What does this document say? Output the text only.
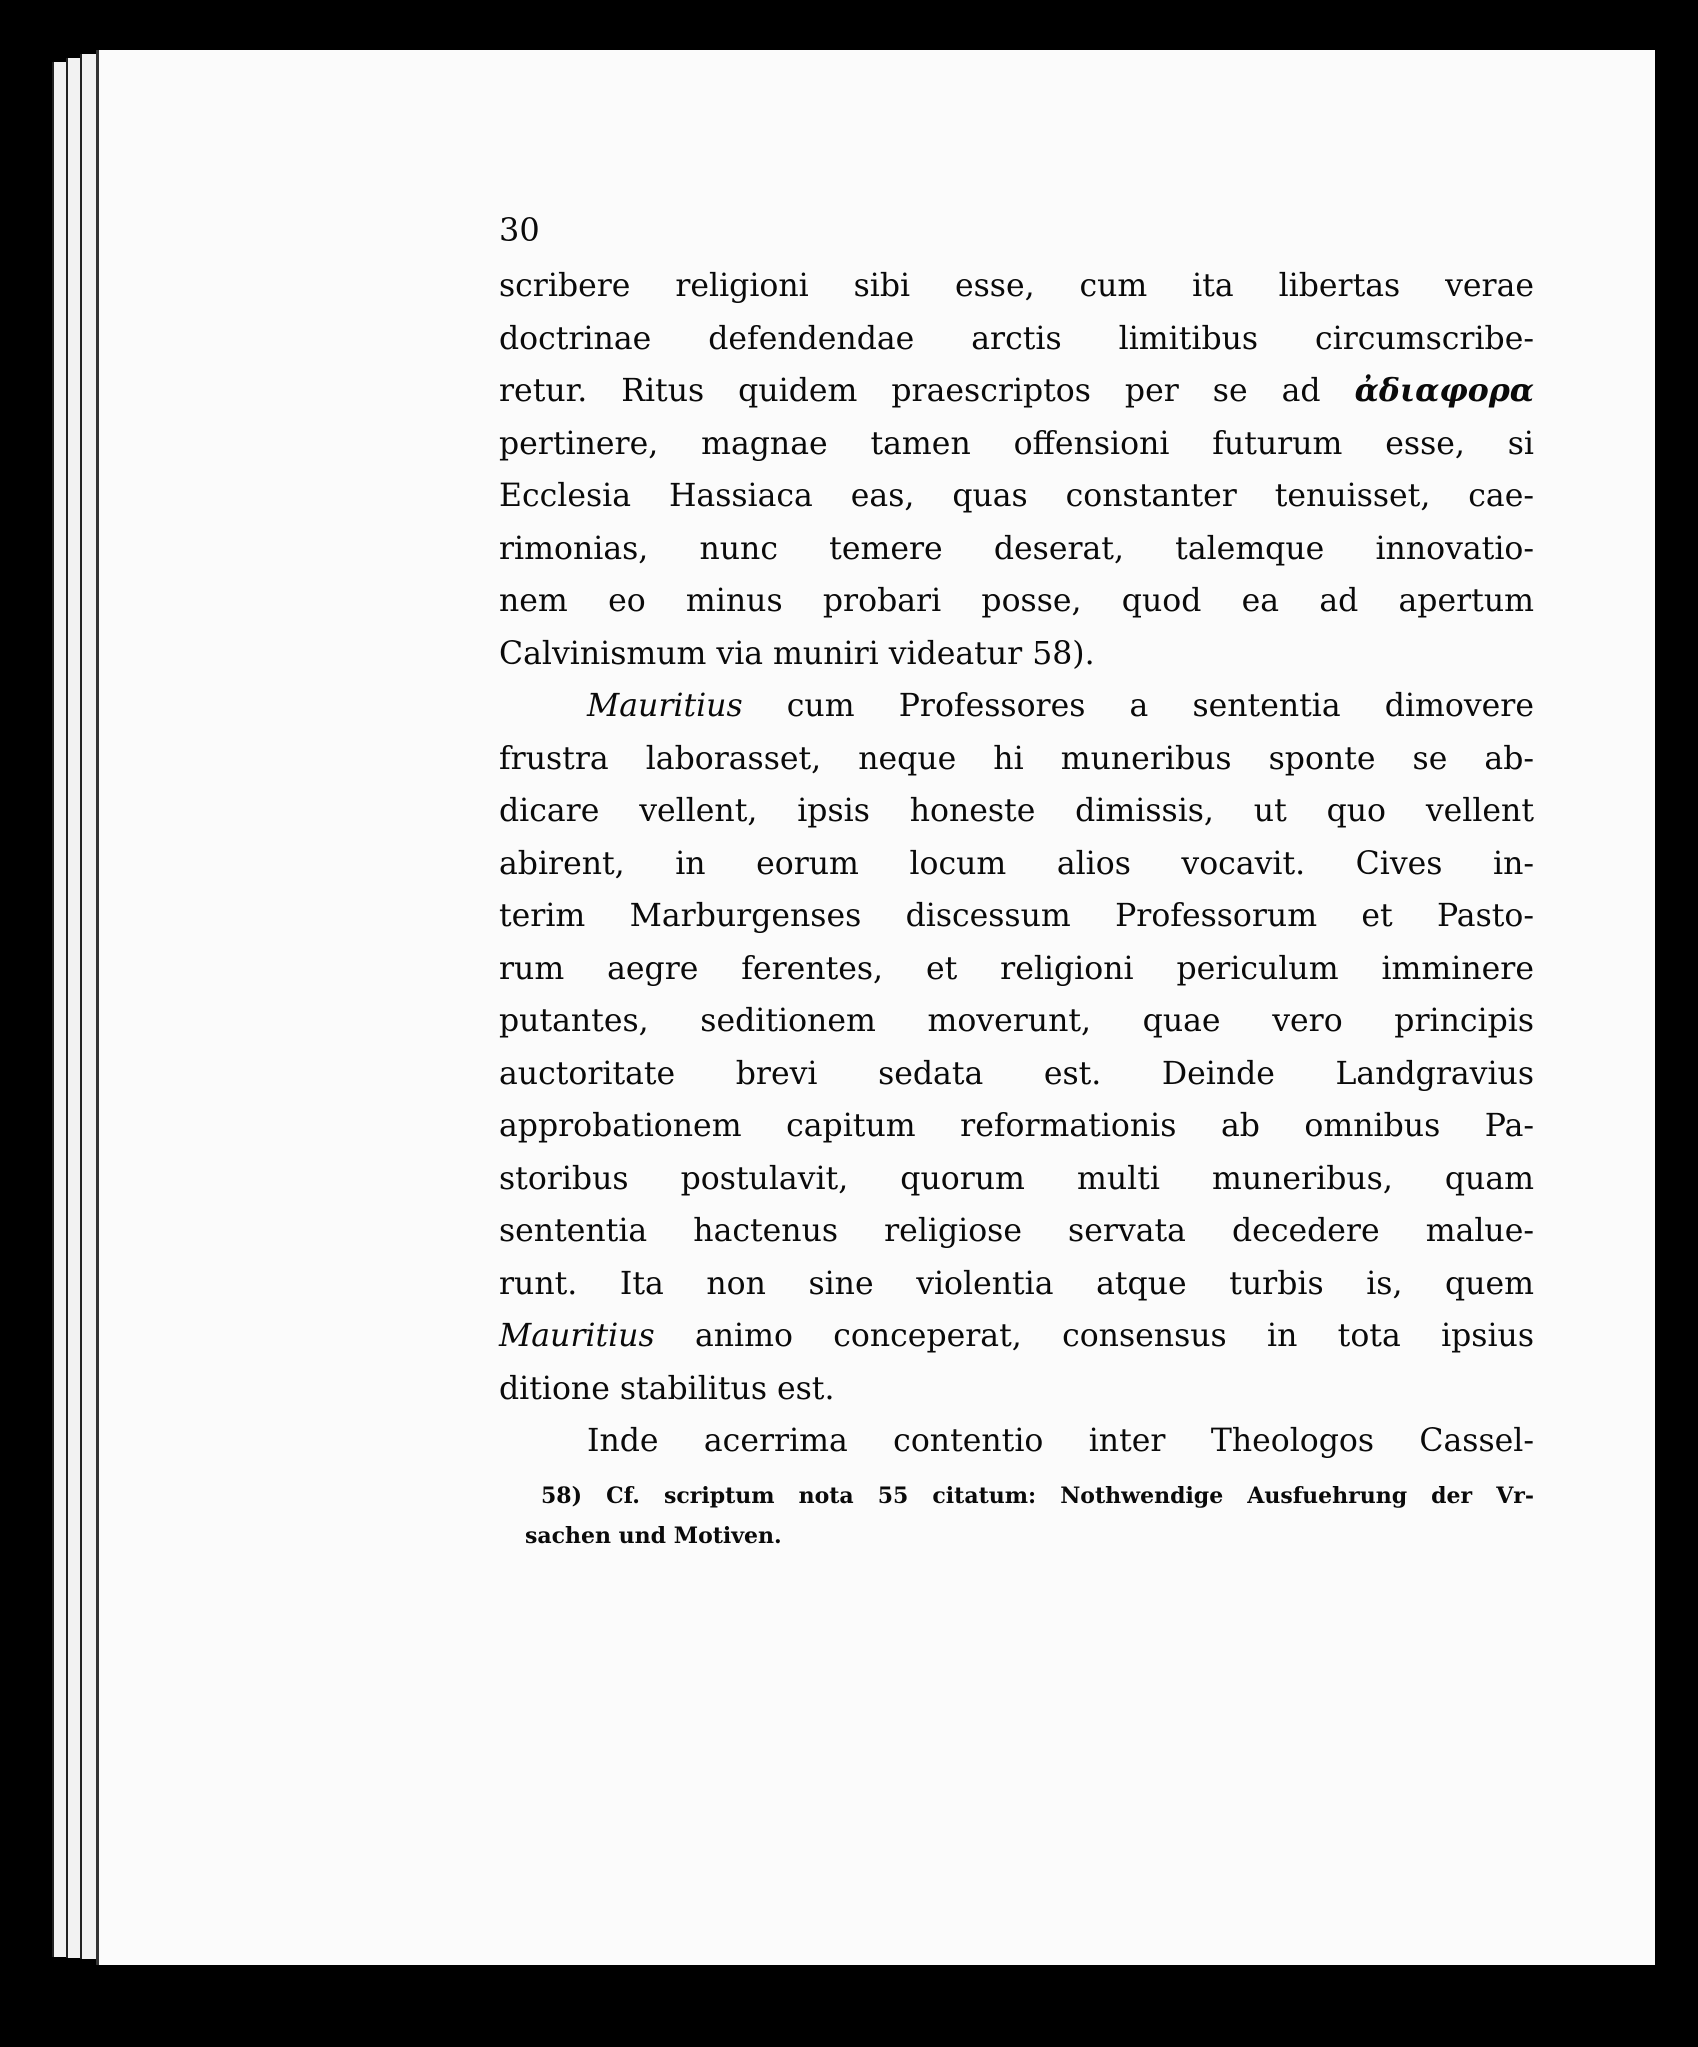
30
scribere religioni sibi esse, cum ita libertas verae
doctrinae defendendae arctis limitibus circumscribe-
retur. Ritus quidem praescriptos per se ad ἀδιαφορα
pertinere, magnae tamen offensioni futurum esse, si
Ecclesia Hassiaca eas, quas constanter tenuisset, cae-
rimonias, nunc temere deserat, talemque innovatio-
nem eo minus probari posse, quod ea ad apertum
Calvinismum via muniri videatur 58).
Mauritius cum Professores a sententia dimovere
frustra laborasset, neque hi muneribus sponte se ab-
dicare vellent, ipsis honeste dimissis, ut quo vellent
abirent, in eorum locum alios vocavit. Cives in-
terim Marburgenses discessum Professorum et Pasto-
rum aegre ferentes, et religioni periculum imminere
putantes, seditionem moverunt, quae vero principis
auctoritate brevi sedata est. Deinde Landgravius
approbationem capitum reformationis ab omnibus Pa-
storibus postulavit, quorum multi muneribus, quam
sententia hactenus religiose servata decedere malue-
runt. Ita non sine violentia atque turbis is, quem
Mauritius animo conceperat, consensus in tota ipsius
ditione stabilitus est.
Inde acerrima contentio inter Theologos Cassel-
58) Cf. scriptum nota 55 citatum: Nothwendige Ausfuehrung der Vr-
sachen und Motiven.
